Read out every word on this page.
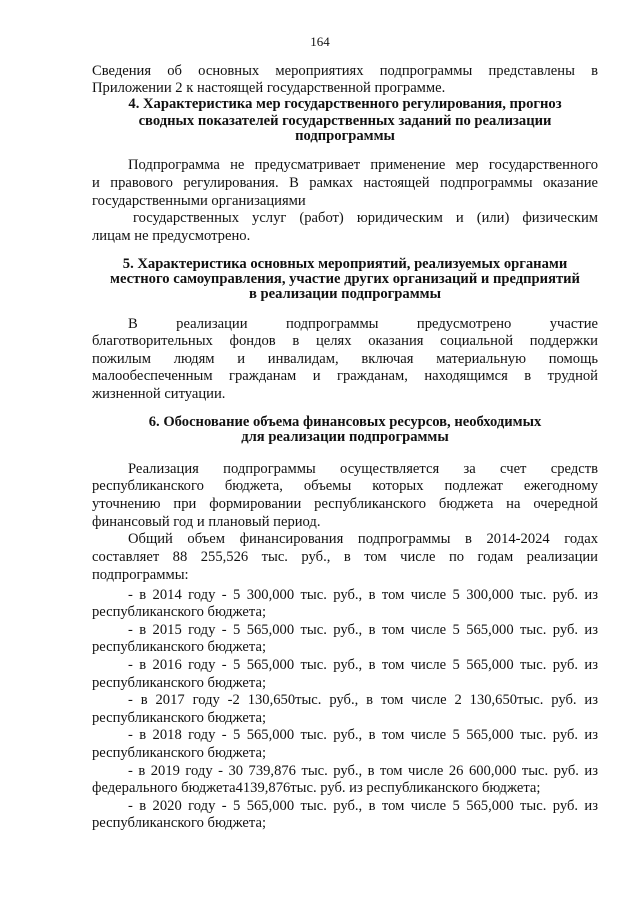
164
Сведения об основных мероприятиях подпрограммы представлены в
Приложении 2 к настоящей государственной программе.
4. Характеристика мер государственного регулирования, прогноз
сводных показателей государственных заданий по реализации
подпрограммы
Подпрограмма не предусматривает применение мер государственного
и правового регулирования. В рамках настоящей подпрограммы оказание
государственными организациями
государственных услуг (работ) юридическим и (или) физическим
лицам не предусмотрено.
5. Характеристика основных мероприятий, реализуемых органами
местного самоуправления, участие других организаций и предприятий
в реализации подпрограммы
В реализации подпрограммы предусмотрено участие
благотворительных фондов в целях оказания социальной поддержки
пожилым людям и инвалидам, включая материальную помощь
малообеспеченным гражданам и гражданам, находящимся в трудной
жизненной ситуации.
6. Обоснование объема финансовых ресурсов, необходимых
для реализации подпрограммы
Реализация подпрограммы осуществляется за счет средств
республиканского бюджета, объемы которых подлежат ежегодному
уточнению при формировании республиканского бюджета на очередной
финансовый год и плановый период.
Общий объем финансирования подпрограммы в 2014-2024 годах
составляет 88 255,526 тыс. руб., в том числе по годам реализации
подпрограммы:
- в 2014 году - 5 300,000 тыс. руб., в том числе 5 300,000 тыс. руб. из
республиканского бюджета;
- в 2015 году - 5 565,000 тыс. руб., в том числе 5 565,000 тыс. руб. из
республиканского бюджета;
- в 2016 году - 5 565,000 тыс. руб., в том числе 5 565,000 тыс. руб. из
республиканского бюджета;
- в 2017 году -2 130,650тыс. руб., в том числе 2 130,650тыс. руб. из
республиканского бюджета;
- в 2018 году - 5 565,000 тыс. руб., в том числе 5 565,000 тыс. руб. из
республиканского бюджета;
- в 2019 году - 30 739,876 тыс. руб., в том числе 26 600,000 тыс. руб. из
федерального бюджета4139,876тыс. руб. из республиканского бюджета;
- в 2020 году - 5 565,000 тыс. руб., в том числе 5 565,000 тыс. руб. из
республиканского бюджета;
